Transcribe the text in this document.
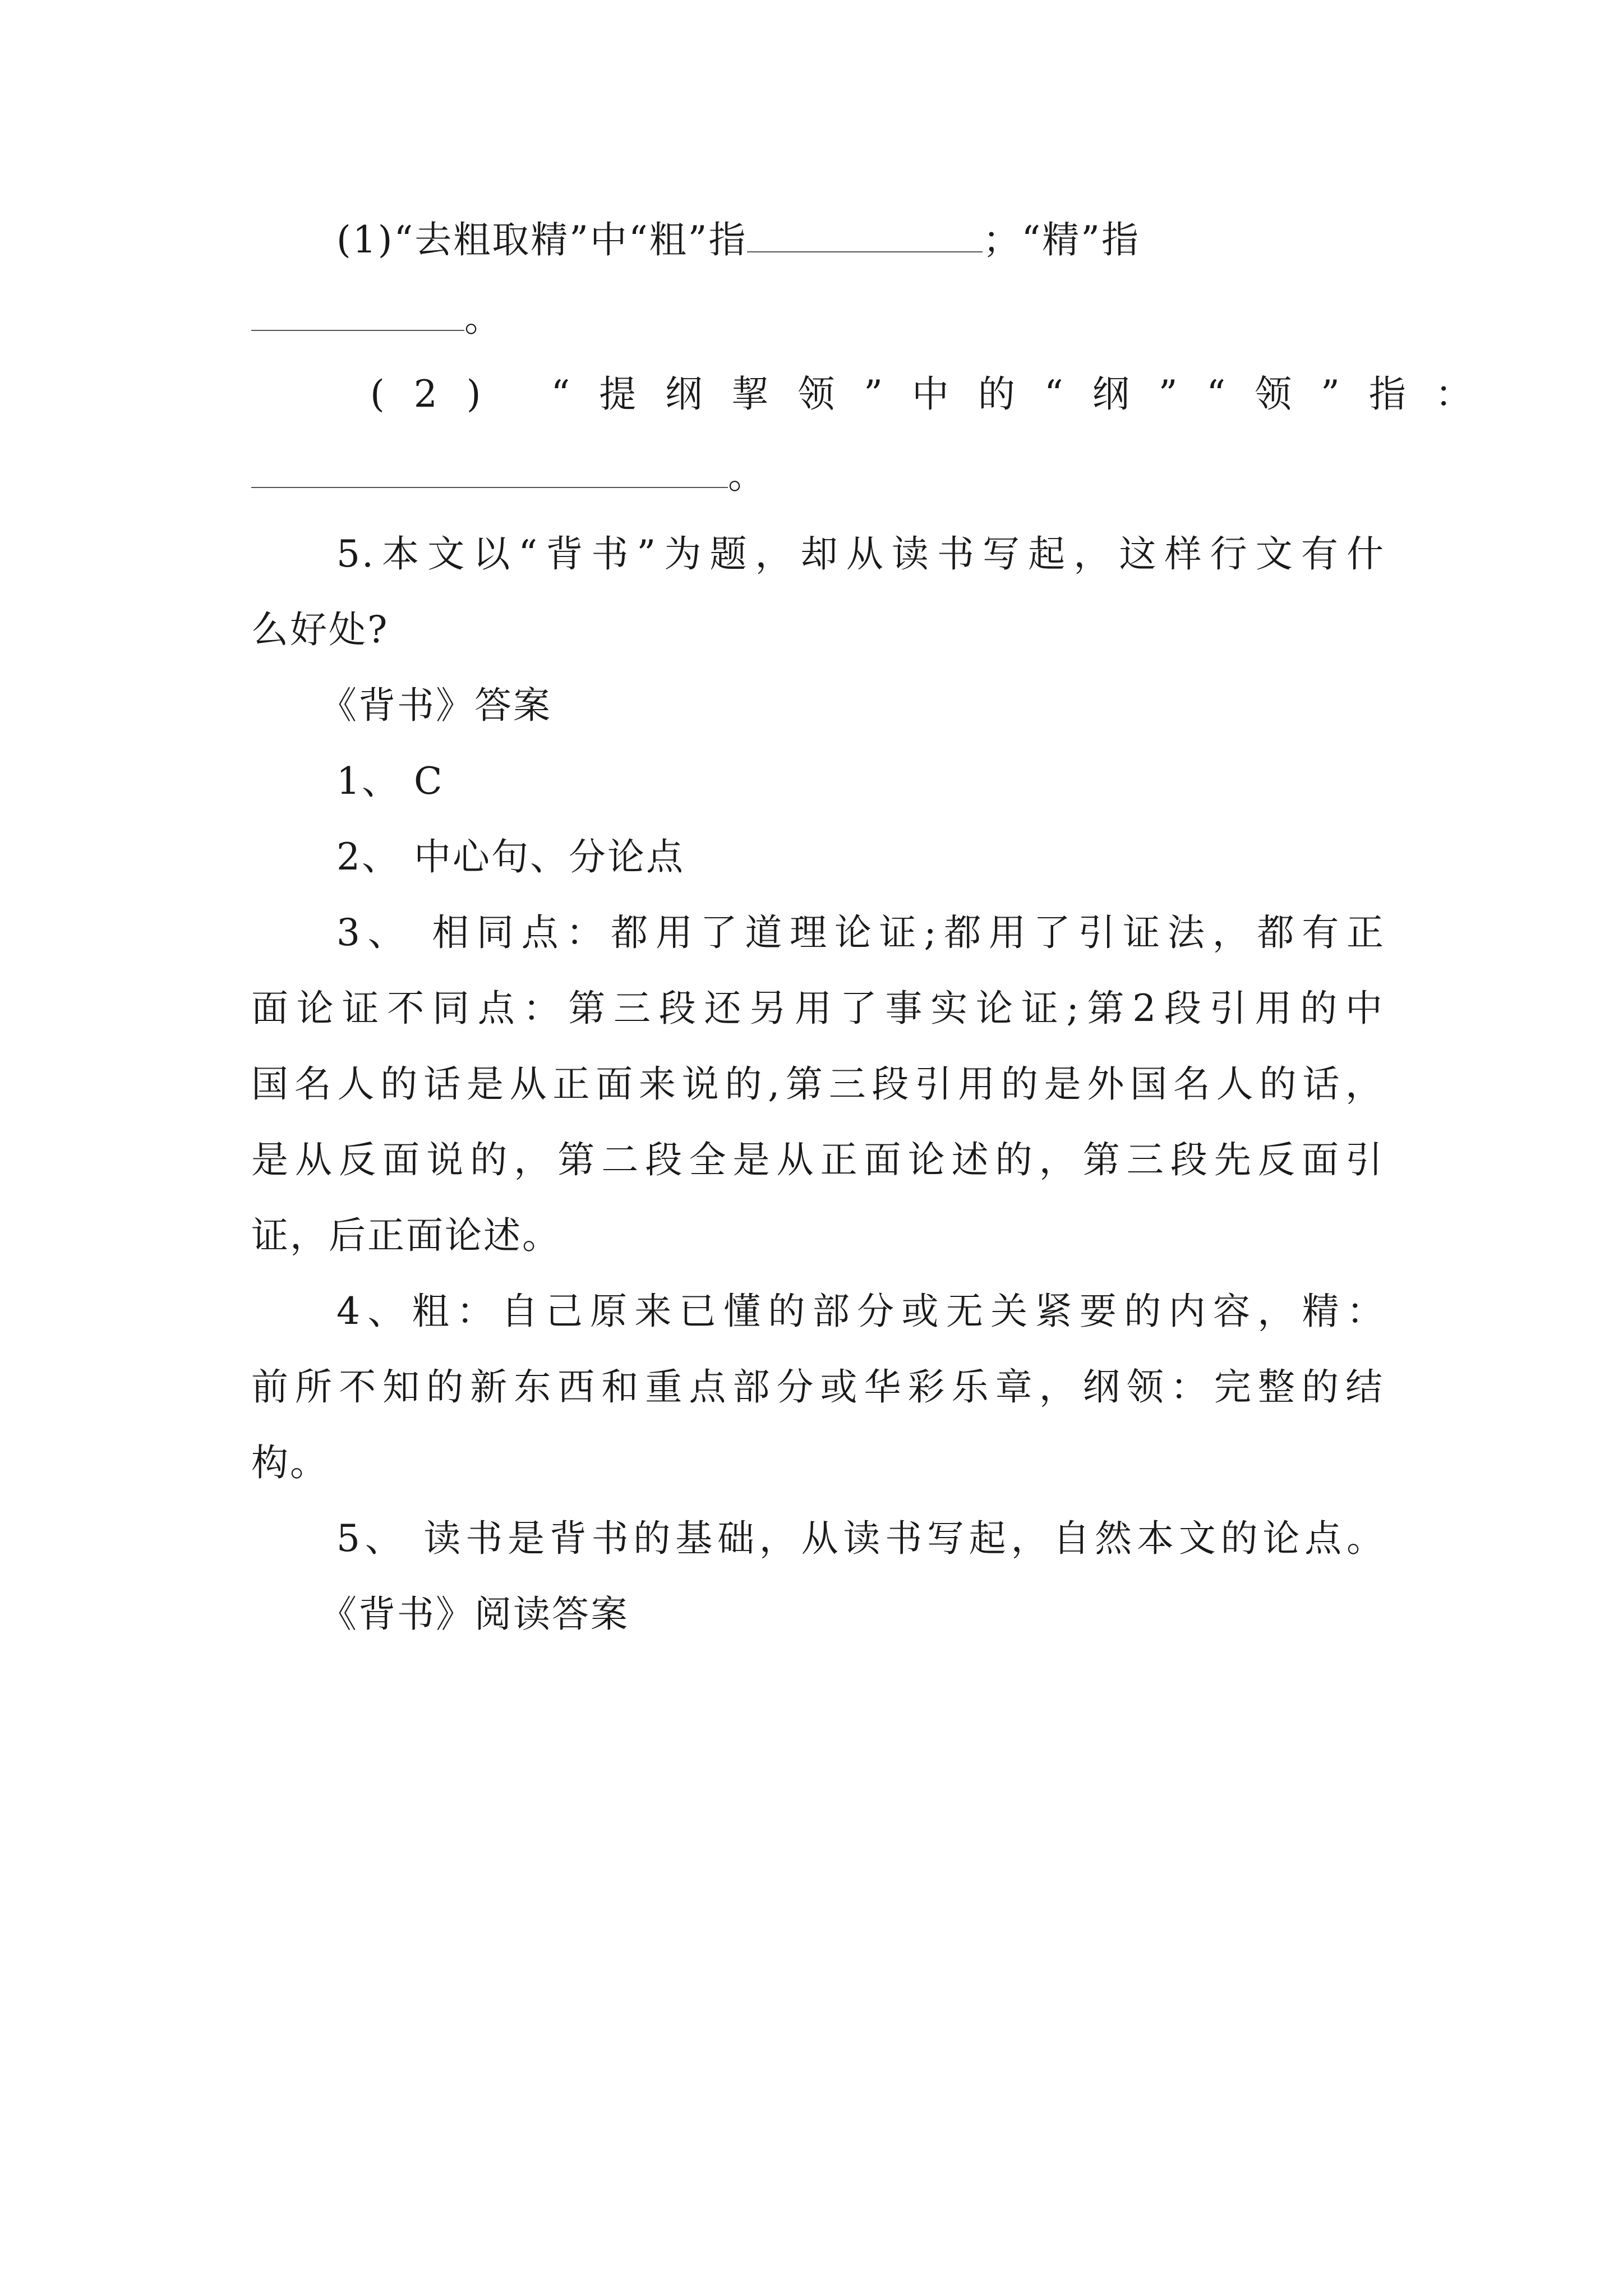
(1)“去粗取精”中“粗”指	；“精”指
。
(2) “提纲挈领”中的“纲”“领”指：
。
5.本文以“背书”为题，却从读书写起，这样行文有什
么好处?
《背书》答案
1、 C
2、 中心句、分论点
3、 相同点：都用了道理论证;都用了引证法，都有正
面论证不同点：第三段还另用了事实论证;第2段引用的中
国名人的话是从正面来说的,第三段引用的是外国名人的话，
是从反面说的，第二段全是从正面论述的，第三段先反面引
证，后正面论述。
4、粗：自己原来已懂的部分或无关紧要的内容，精：
前所不知的新东西和重点部分或华彩乐章，纲领：完整的结
构。
5、 读书是背书的基础，从读书写起，自然本文的论点。
《背书》阅读答案
